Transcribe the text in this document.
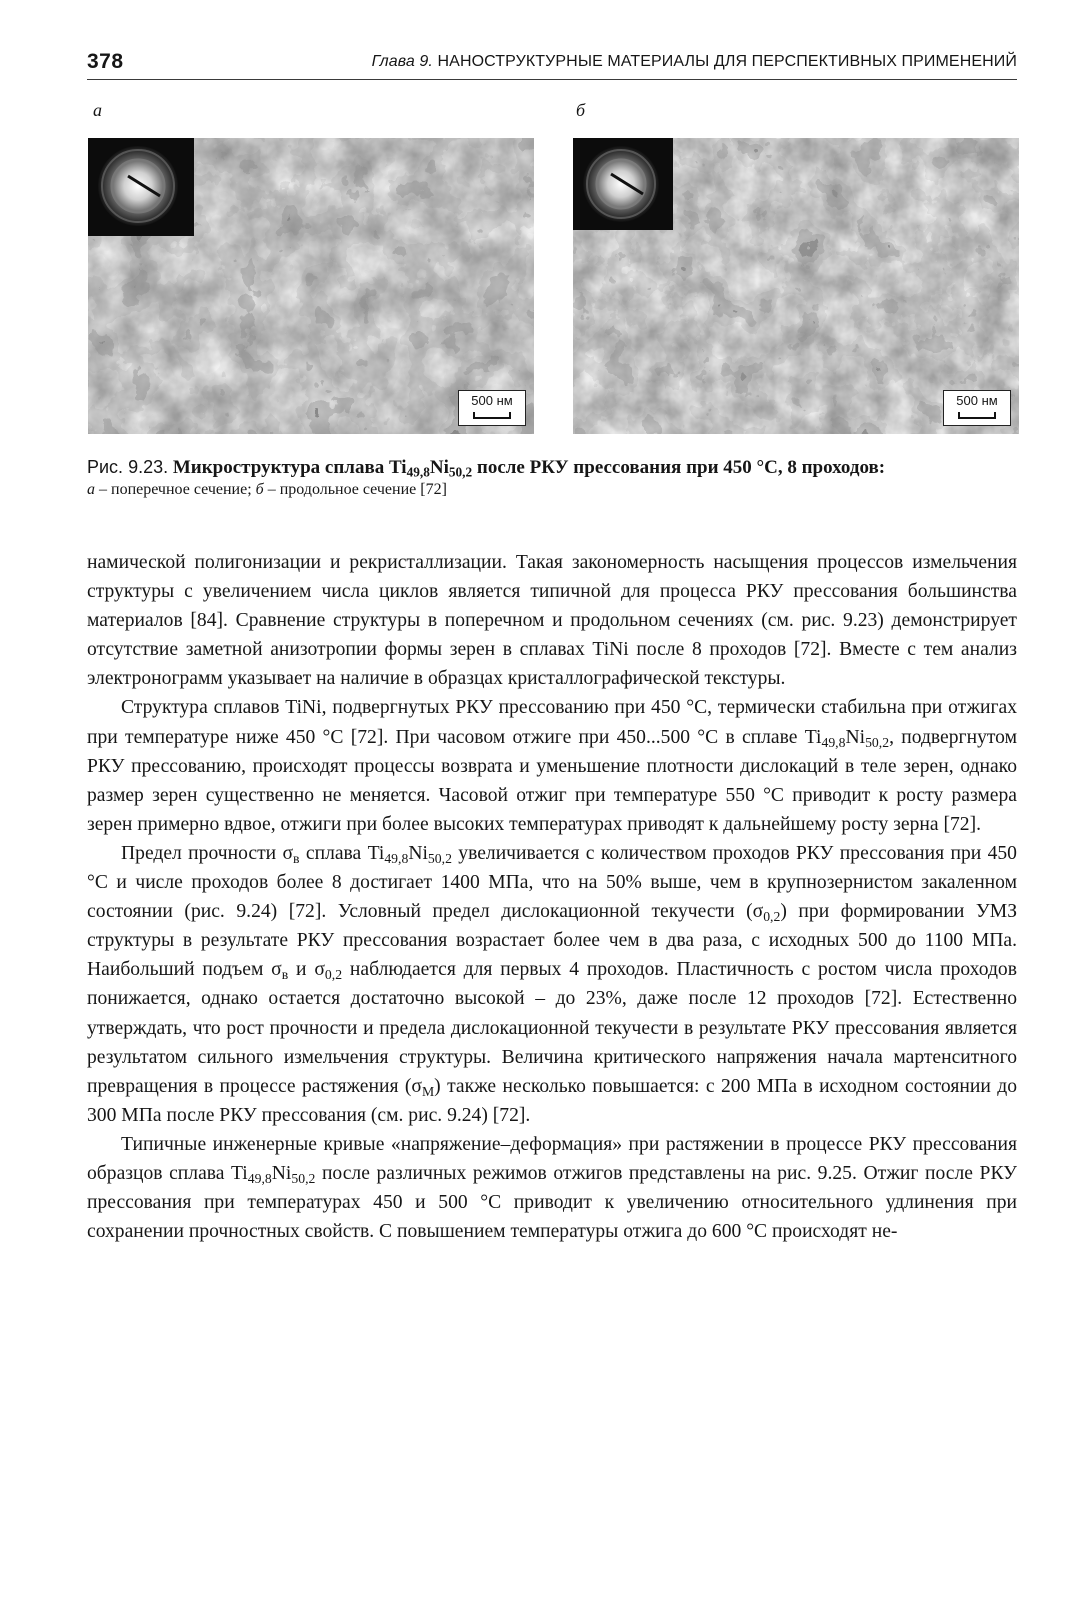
378	Глава 9. НАНОСТРУКТУРНЫЕ МАТЕРИАЛЫ ДЛЯ ПЕРСПЕКТИВНЫХ ПРИМЕНЕНИЙ
а	б
500 нм	500 нм
Рис. 9.23. Микроструктура сплава $Ti_{49,8}Ni_{50,2}$ после РКУ прессования при 450 °С, 8 проходов:
а – поперечное сечение; б – продольное сечение [72]

намической полигонизации и рекристаллизации. Такая закономерность насыщения процессов измельчения структуры с увеличением числа циклов является типичной для процесса РКУ прессования большинства материалов [84]. Сравнение структуры в поперечном и продольном сечениях (см. рис. 9.23) демонстрирует отсутствие заметной анизотропии формы зерен в сплавах TiNi после 8 проходов [72]. Вместе с тем анализ электронограмм указывает на наличие в образцах кристаллографической текстуры.

Структура сплавов TiNi, подвергнутых РКУ прессованию при 450 °С, термически стабильна при отжигах при температуре ниже 450 °С [72]. При часовом отжиге при 450...500 °С в сплаве $Ti_{49,8}Ni_{50,2}$, подвергнутом РКУ прессованию, происходят процессы возврата и уменьшение плотности дислокаций в теле зерен, однако размер зерен существенно не меняется. Часовой отжиг при температуре 550 °С приводит к росту размера зерен примерно вдвое, отжиги при более высоких температурах приводят к дальнейшему росту зерна [72].

Предел прочности $\sigma_в$ сплава $Ti_{49,8}Ni_{50,2}$ увеличивается с количеством проходов РКУ прессования при 450 °С и числе проходов более 8 достигает 1400 МПа, что на 50% выше, чем в крупнозернистом закаленном состоянии (рис. 9.24) [72]. Условный предел дислокационной текучести $(\sigma_{0,2})$ при формировании УМЗ структуры в результате РКУ прессования возрастает более чем в два раза, с исходных 500 до 1100 МПа. Наибольший подъем $\sigma_в$ и $\sigma_{0,2}$ наблюдается для первых 4 проходов. Пластичность с ростом числа проходов понижается, однако остается достаточно высокой – до 23%, даже после 12 проходов [72]. Естественно утверждать, что рост прочности и предела дислокационной текучести в результате РКУ прессования является результатом сильного измельчения структуры. Величина критического напряжения начала мартенситного превращения в процессе растяжения $(\sigma_М)$ также несколько повышается: с 200 МПа в исходном состоянии до 300 МПа после РКУ прессования (см. рис. 9.24) [72].

Типичные инженерные кривые «напряжение–деформация» при растяжении в процессе РКУ прессования образцов сплава $Ti_{49,8}Ni_{50,2}$ после различных режимов отжигов представлены на рис. 9.25. Отжиг после РКУ прессования при температурах 450 и 500 °С приводит к увеличению относительного удлинения при сохранении прочностных свойств. С повышением температуры отжига до 600 °С происходят не-
